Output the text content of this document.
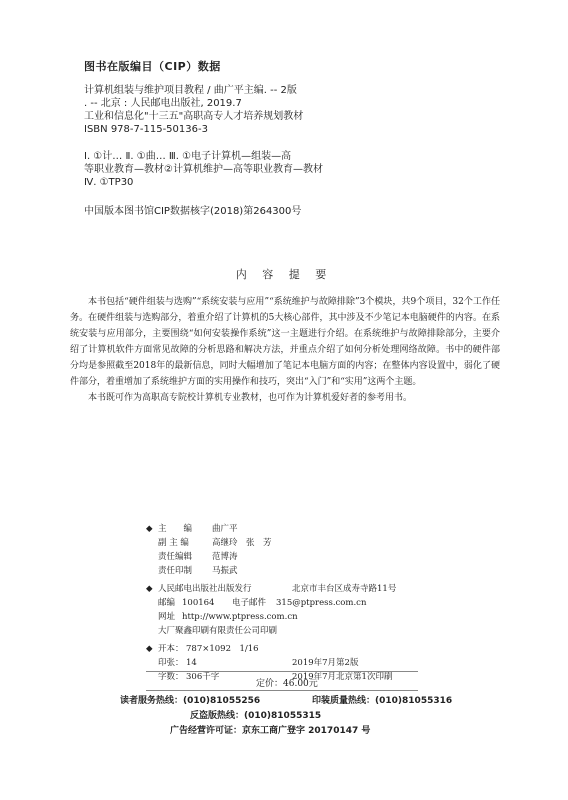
图书在版编目（CIP）数据
计算机组装与维护项目教程 / 曲广平主编. -- 2版
. -- 北京 : 人民邮电出版社, 2019.7
工业和信息化"十三五"高职高专人才培养规划教材
ISBN 978-7-115-50136-3
Ⅰ. ①计… Ⅱ. ①曲… Ⅲ. ①电子计算机—组装—高
等职业教育—教材②计算机维护—高等职业教育—教材
Ⅳ. ①TP30
中国版本图书馆CIP数据核字(2018)第264300号
内 容 提 要

本书包括“硬件组装与选购”“系统安装与应用”“系统维护与故障排除”3个模块，共9个项目，32个工作任务。在硬件组装与选购部分，着重介绍了计算机的5大核心部件，其中涉及不少笔记本电脑硬件的内容。在系统安装与应用部分，主要围绕“如何安装操作系统”这一主题进行介绍。在系统维护与故障排除部分，主要介绍了计算机软件方面常见故障的分析思路和解决方法，并重点介绍了如何分析处理网络故障。书中的硬件部分均是参照截至2018年的最新信息，同时大幅增加了笔记本电脑方面的内容；在整体内容设置中，弱化了硬件部分，着重增加了系统维护方面的实用操作和技巧，突出“入门”和“实用”这两个主题。

本书既可作为高职高专院校计算机专业教材，也可作为计算机爱好者的参考用书。

◆ 主　　编 曲广平
副 主 编	高继玲　张　芳
责任编辑 范博涛
责任印制 马振武
◆ 人民邮电出版社出版发行	北京市丰台区成寿寺路11号
邮编 100164 电子邮件 315@ptpress.com.cn
网址 http://www.ptpress.com.cn
大厂聚鑫印刷有限责任公司印刷
◆ 开本： 787×1092　1/16
印张： 14	2019年7月第2版
字数： 306千字	2019年7月北京第1次印刷
定价：46.00元
读者服务热线：(010)81055256	印装质量热线：(010)81055316
反盗版热线：(010)81055315
广告经营许可证：京东工商广登字 20170147 号
